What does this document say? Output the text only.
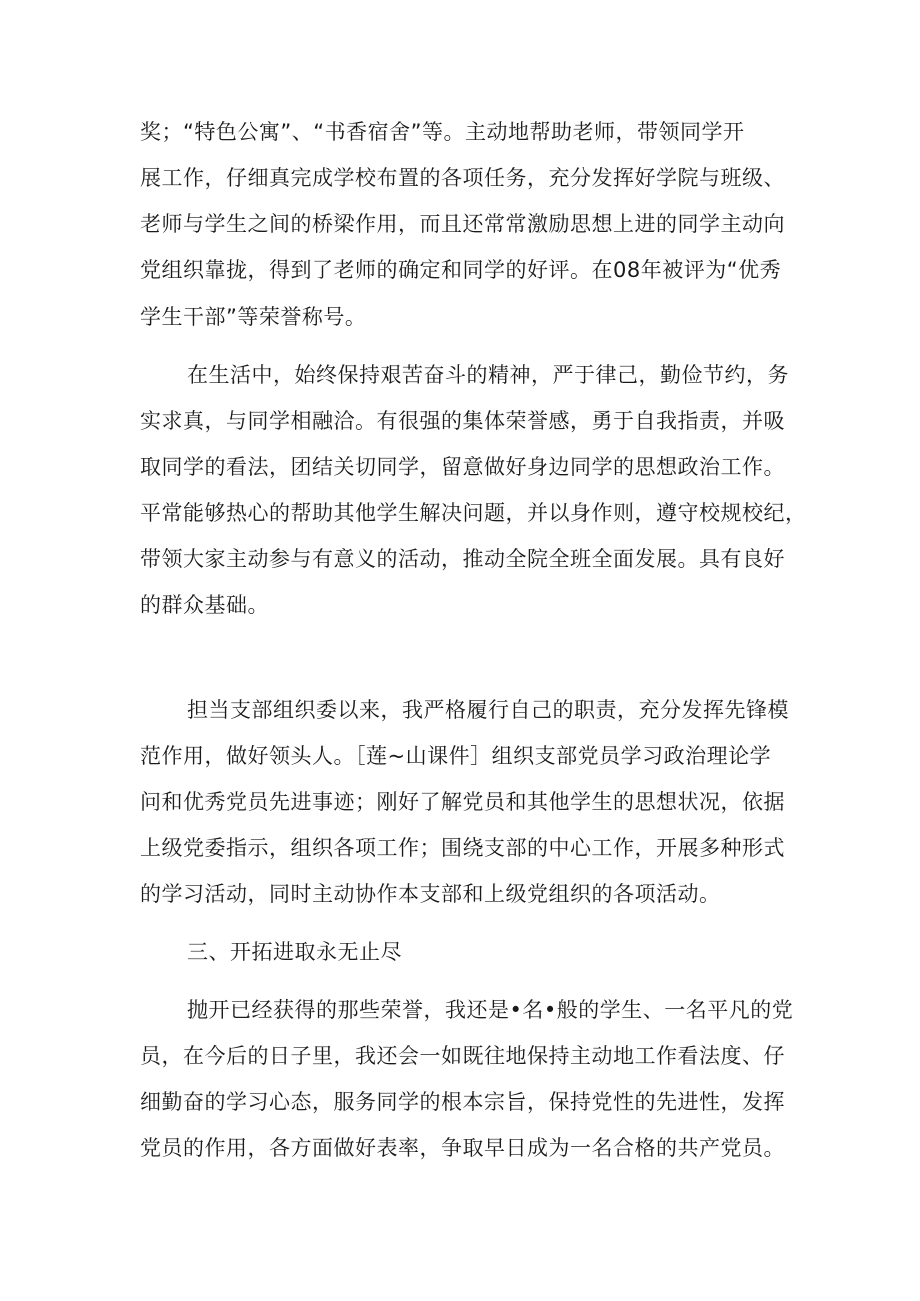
奖；“特色公寓”、“书香宿舍”等。主动地帮助老师，带领同学开
展工作，仔细真完成学校布置的各项任务，充分发挥好学院与班级、
老师与学生之间的桥梁作用，而且还常常激励思想上进的同学主动向
党组织靠拢，得到了老师的确定和同学的好评。在08年被评为“优秀
学生干部”等荣誉称号。
在生活中，始终保持艰苦奋斗的精神，严于律己，勤俭节约，务
实求真，与同学相融洽。有很强的集体荣誉感，勇于自我指责，并吸
取同学的看法，团结关切同学，留意做好身边同学的思想政治工作。
平常能够热心的帮助其他学生解决问题，并以身作则，遵守校规校纪，
带领大家主动参与有意义的活动，推动全院全班全面发展。具有良好
的群众基础。
担当支部组织委以来，我严格履行自己的职责，充分发挥先锋模
范作用，做好领头人。［莲~山课件］组织支部党员学习政治理论学
问和优秀党员先进事迹；刚好了解党员和其他学生的思想状况，依据
上级党委指示，组织各项工作；围绕支部的中心工作，开展多种形式
的学习活动，同时主动协作本支部和上级党组织的各项活动。
三、开拓进取永无止尽
抛开已经获得的那些荣誉，我还是•名•般的学生、一名平凡的党
员，在今后的日子里，我还会一如既往地保持主动地工作看法度、仔
细勤奋的学习心态，服务同学的根本宗旨，保持党性的先进性，发挥
党员的作用，各方面做好表率，争取早日成为一名合格的共产党员。
